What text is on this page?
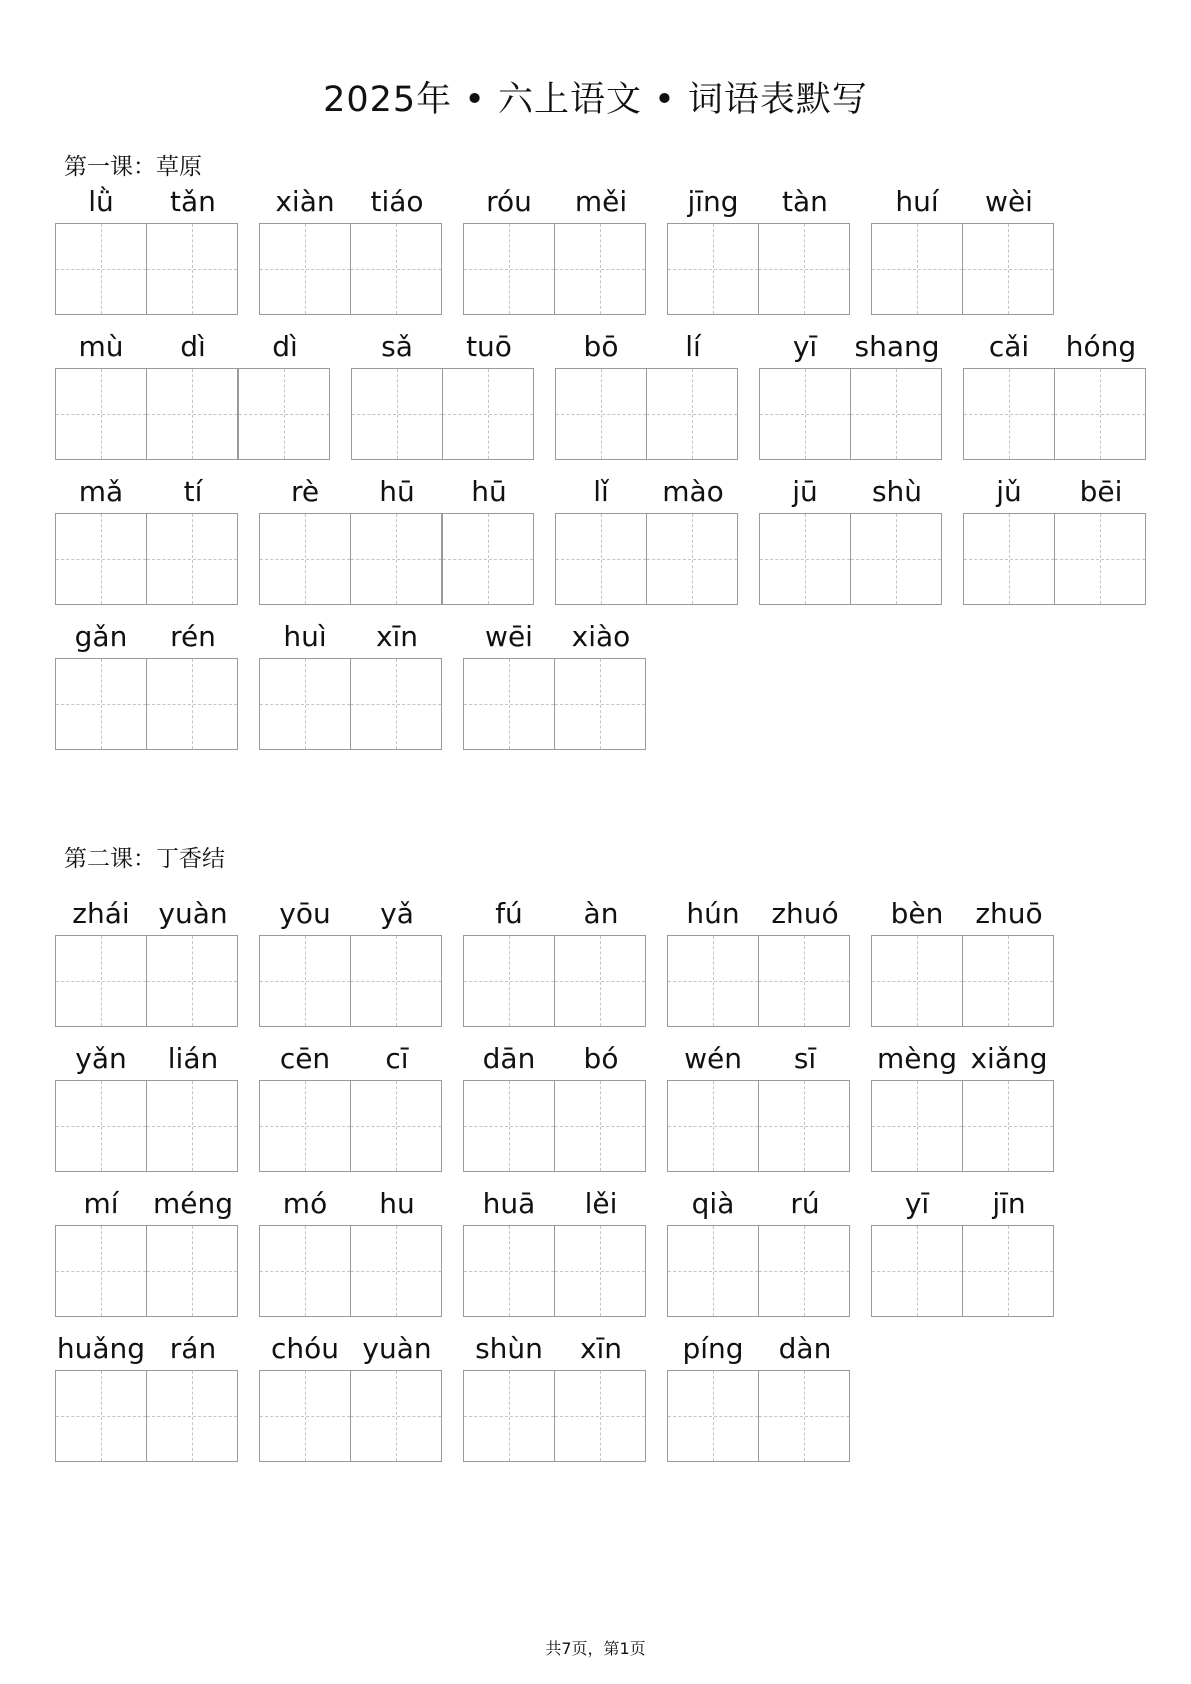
2025年 • 六上语文 • 词语表默写
第一课：草原
lǜ	tǎn	xiàn	tiáo	róu	měi	jīng	tàn	huí	wèi
mù	dì	dì	sǎ	tuō	bō	lí	yī	shang	cǎi	hóng
mǎ	tí	rè	hū	hū	lǐ	mào	jū	shù	jǔ	bēi
gǎn	rén	huì	xīn	wēi	xiào
第二课：丁香结
zhái	yuàn	yōu	yǎ	fú	àn	hún	zhuó	bèn	zhuō
yǎn	lián	cēn	cī	dān	bó	wén	sī	mèng xiǎng
mí	méng	mó	hu	huā	lěi	qià	rú	yī	jīn
huǎng rán	chóu yuàn	shùn	xīn	píng	dàn
共7页，第1页
